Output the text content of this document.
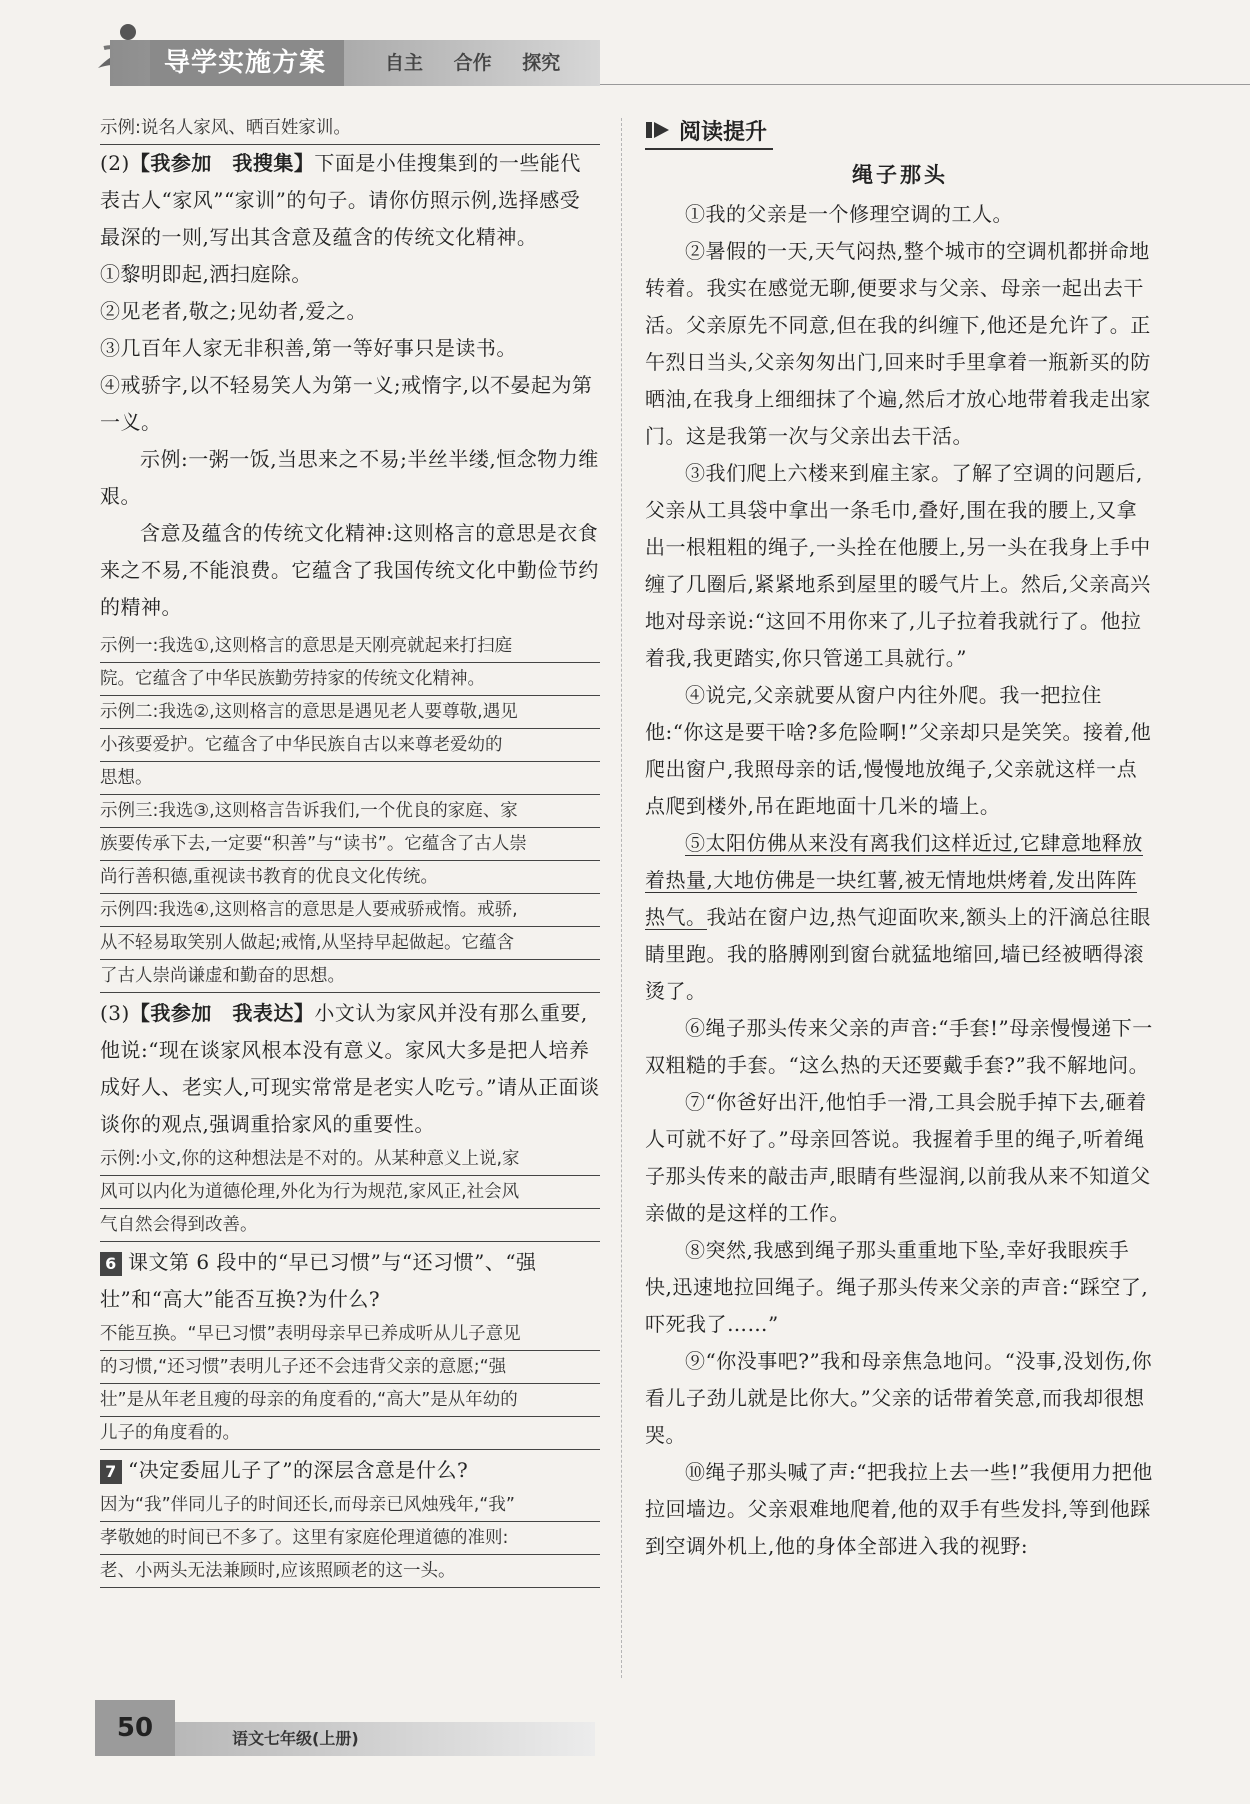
导学实施方案	自主 合作 探究

示例:说名人家风、晒百姓家训。

(2)【我参加　我搜集】下面是小佳搜集到的一些能代表古人“家风”“家训”的句子。请你仿照示例,选择感受最深的一则,写出其含意及蕴含的传统文化精神。

①黎明即起,洒扫庭除。

②见老者,敬之;见幼者,爱之。

③几百年人家无非积善,第一等好事只是读书。

④戒骄字,以不轻易笑人为第一义;戒惰字,以不晏起为第一义。

示例:一粥一饭,当思来之不易;半丝半缕,恒念物力维艰。

含意及蕴含的传统文化精神:这则格言的意思是衣食来之不易,不能浪费。它蕴含了我国传统文化中勤俭节约的精神。

示例一:我选①,这则格言的意思是天刚亮就起来打扫庭
院。它蕴含了中华民族勤劳持家的传统文化精神。
示例二:我选②,这则格言的意思是遇见老人要尊敬,遇见
小孩要爱护。它蕴含了中华民族自古以来尊老爱幼的
思想。
示例三:我选③,这则格言告诉我们,一个优良的家庭、家
族要传承下去,一定要“积善”与“读书”。它蕴含了古人崇
尚行善积德,重视读书教育的优良文化传统。
示例四:我选④,这则格言的意思是人要戒骄戒惰。戒骄,
从不轻易取笑别人做起;戒惰,从坚持早起做起。它蕴含
了古人崇尚谦虚和勤奋的思想。

(3)【我参加　我表达】小文认为家风并没有那么重要,他说:“现在谈家风根本没有意义。家风大多是把人培养成好人、老实人,可现实常常是老实人吃亏。”请从正面谈谈你的观点,强调重拾家风的重要性。

示例:小文,你的这种想法是不对的。从某种意义上说,家
风可以内化为道德伦理,外化为行为规范,家风正,社会风
气自然会得到改善。

6 课文第 6 段中的“早已习惯”与“还习惯”、“强壮”和“高大”能否互换?为什么?

不能互换。“早已习惯”表明母亲早已养成听从儿子意见
的习惯,“还习惯”表明儿子还不会违背父亲的意愿;“强
壮”是从年老且瘦的母亲的角度看的,“高大”是从年幼的
儿子的角度看的。

7 “决定委屈儿子了”的深层含意是什么?

因为“我”伴同儿子的时间还长,而母亲已风烛残年,“我”
孝敬她的时间已不多了。这里有家庭伦理道德的准则:
老、小两头无法兼顾时,应该照顾老的这一头。
阅读提升
绳子那头

①我的父亲是一个修理空调的工人。

②暑假的一天,天气闷热,整个城市的空调机都拼命地转着。我实在感觉无聊,便要求与父亲、母亲一起出去干活。父亲原先不同意,但在我的纠缠下,他还是允许了。正午烈日当头,父亲匆匆出门,回来时手里拿着一瓶新买的防晒油,在我身上细细抹了个遍,然后才放心地带着我走出家门。这是我第一次与父亲出去干活。

③我们爬上六楼来到雇主家。了解了空调的问题后,父亲从工具袋中拿出一条毛巾,叠好,围在我的腰上,又拿出一根粗粗的绳子,一头拴在他腰上,另一头在我身上手中缠了几圈后,紧紧地系到屋里的暖气片上。然后,父亲高兴地对母亲说:“这回不用你来了,儿子拉着我就行了。他拉着我,我更踏实,你只管递工具就行。”

④说完,父亲就要从窗户内往外爬。我一把拉住他:“你这是要干啥?多危险啊!”父亲却只是笑笑。接着,他爬出窗户,我照母亲的话,慢慢地放绳子,父亲就这样一点点爬到楼外,吊在距地面十几米的墙上。

⑤太阳仿佛从来没有离我们这样近过,它肆意地释放着热量,大地仿佛是一块红薯,被无情地烘烤着,发出阵阵热气。我站在窗户边,热气迎面吹来,额头上的汗滴总往眼睛里跑。我的胳膊刚到窗台就猛地缩回,墙已经被晒得滚烫了。

⑥绳子那头传来父亲的声音:“手套!”母亲慢慢递下一双粗糙的手套。“这么热的天还要戴手套?”我不解地问。

⑦“你爸好出汗,他怕手一滑,工具会脱手掉下去,砸着人可就不好了。”母亲回答说。我握着手里的绳子,听着绳子那头传来的敲击声,眼睛有些湿润,以前我从来不知道父亲做的是这样的工作。

⑧突然,我感到绳子那头重重地下坠,幸好我眼疾手快,迅速地拉回绳子。绳子那头传来父亲的声音:“踩空了,吓死我了……”

⑨“你没事吧?”我和母亲焦急地问。“没事,没划伤,你看儿子劲儿就是比你大。”父亲的话带着笑意,而我却很想哭。

⑩绳子那头喊了声:“把我拉上去一些!”我便用力把他拉回墙边。父亲艰难地爬着,他的双手有些发抖,等到他踩到空调外机上,他的身体全部进入我的视野:

50	语文七年级(上册)
